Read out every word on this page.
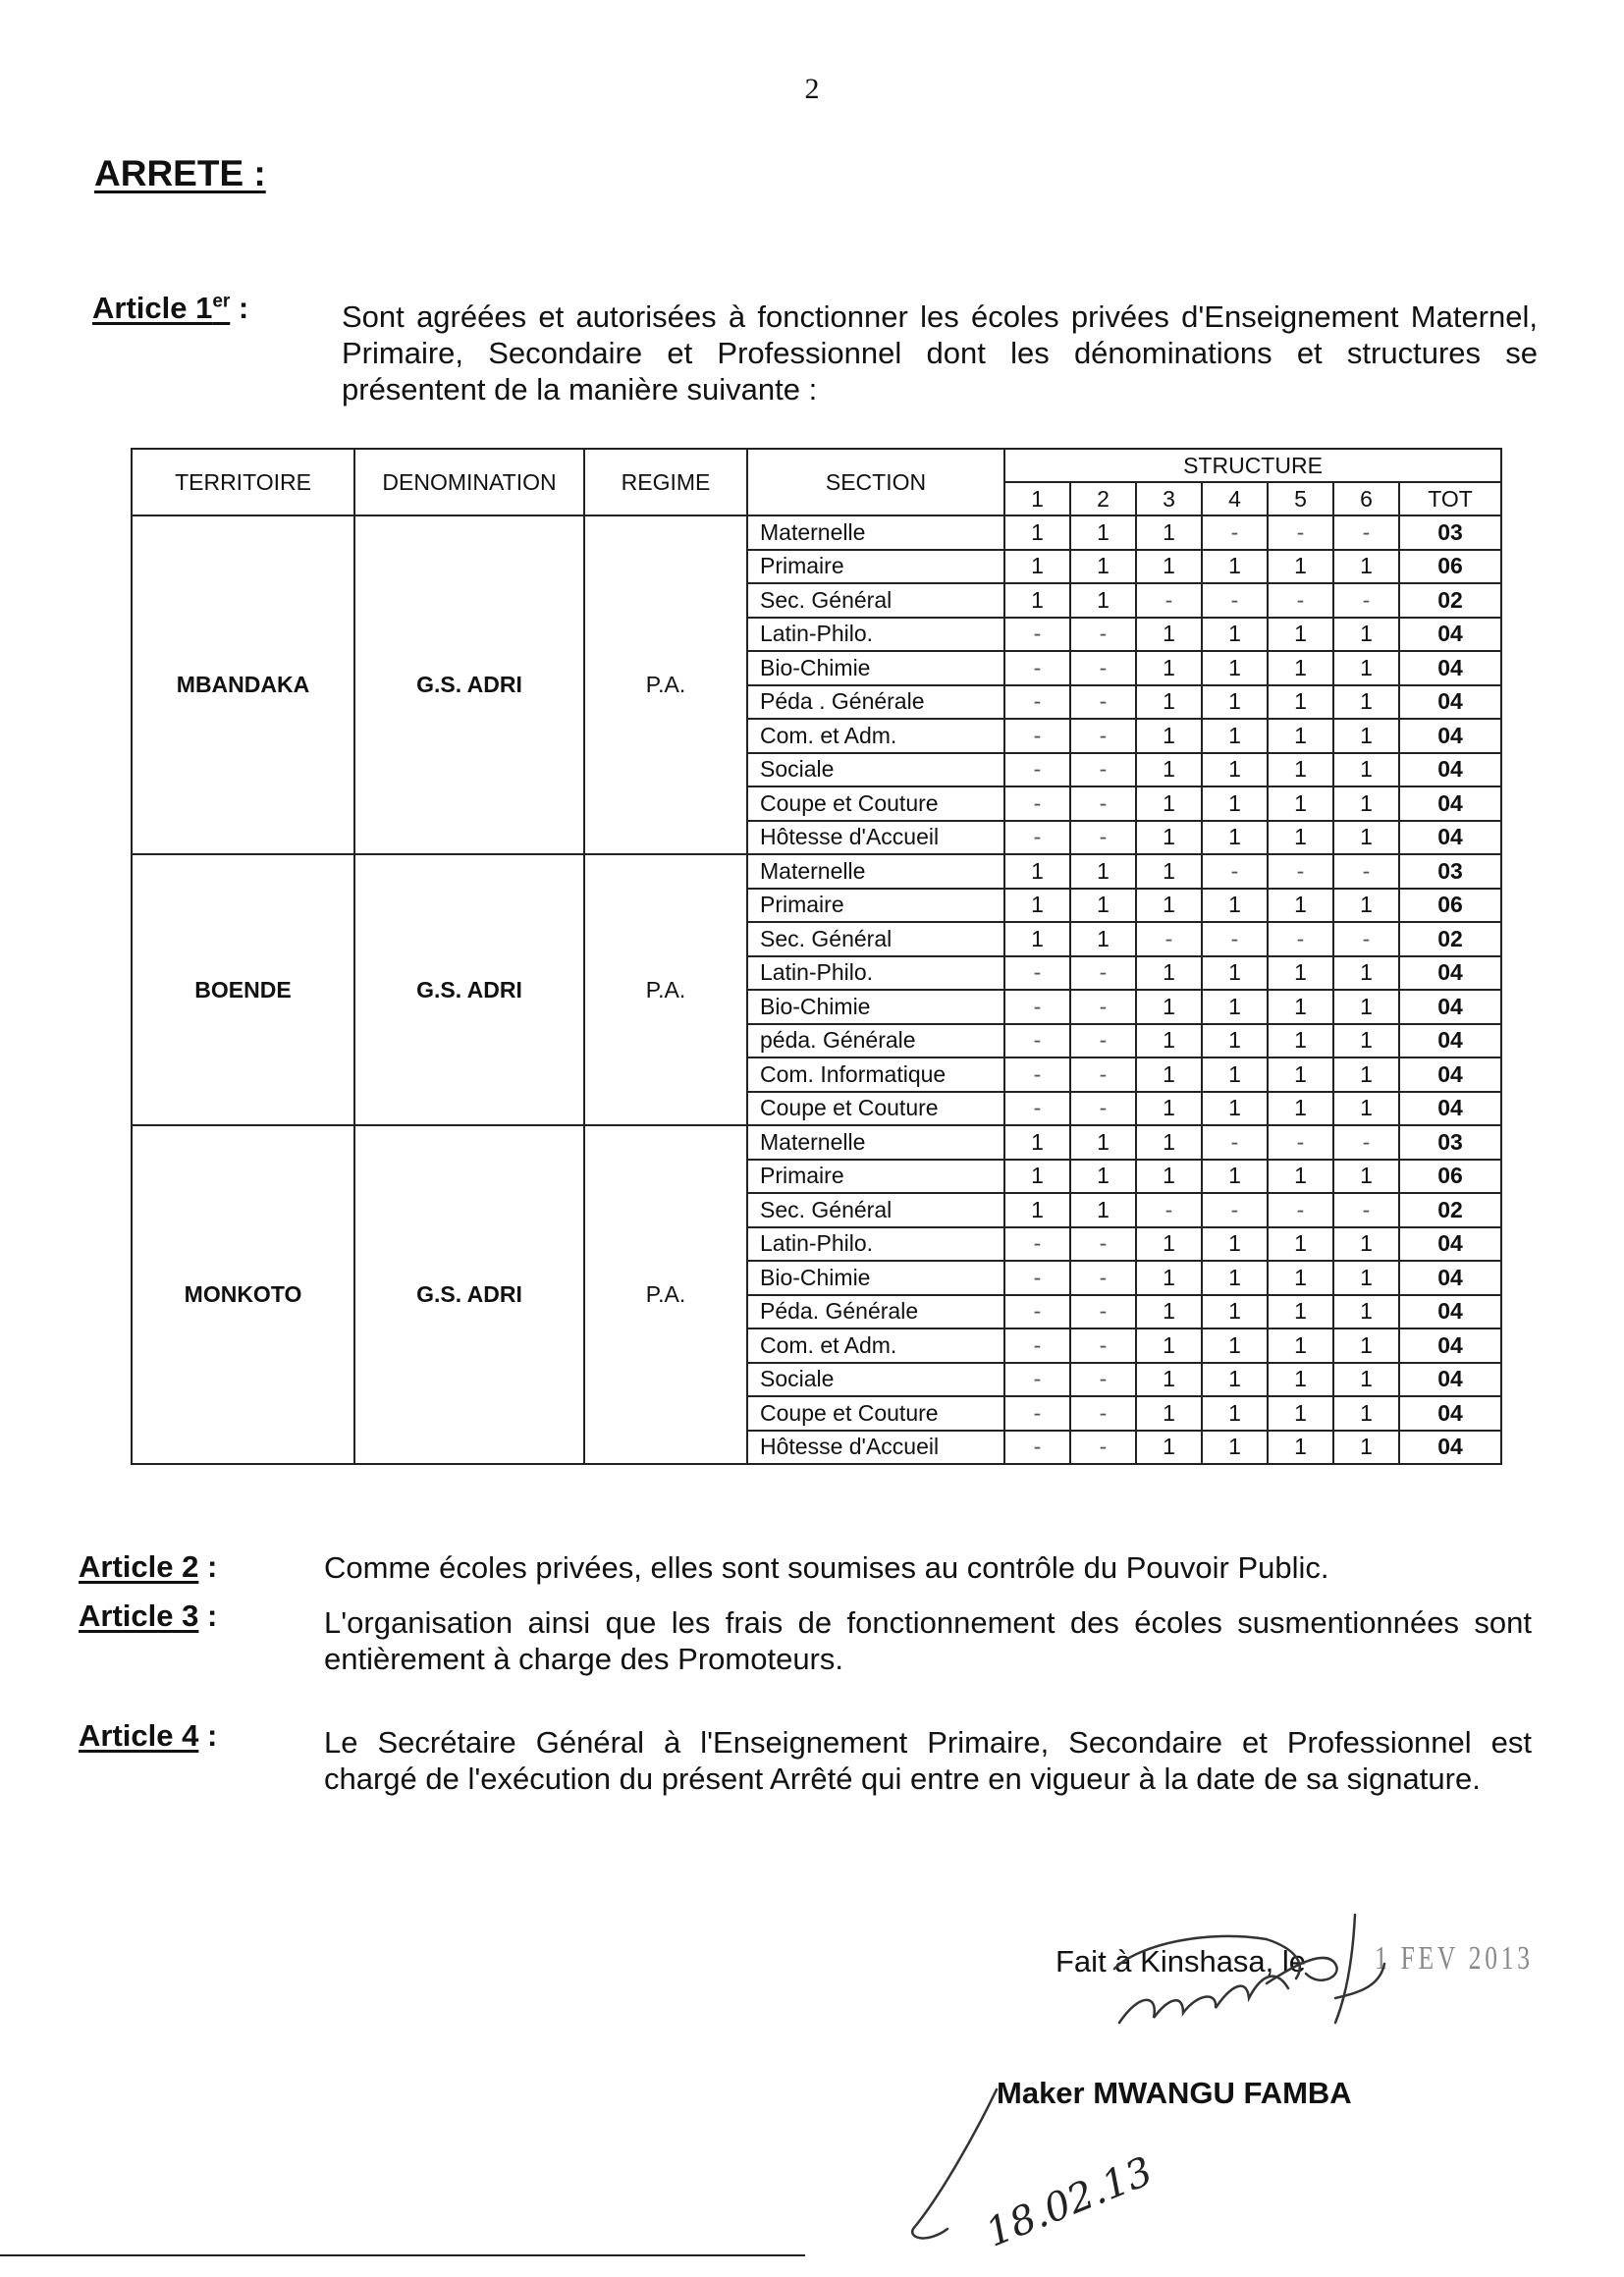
2
ARRETE :
Article 1er :	Sont agréées et autorisées à fonctionner les écoles privées d'Enseignement Maternel, Primaire, Secondaire et Professionnel dont les dénominations et structures se présentent de la manière suivante :
TERRITOIRE	DENOMINATION	REGIME	SECTION	STRUCTURE						
				1	2	3	4	5	6	TOT
MBANDAKA	G.S. ADRI	P.A.	Maternelle	1	1	1	-	-	-	03
			Primaire	1	1	1	1	1	1	06
			Sec. Général	1	1	-	-	-	-	02
			Latin-Philo.	-	-	1	1	1	1	04
			Bio-Chimie	-	-	1	1	1	1	04
			Péda . Générale	-	-	1	1	1	1	04
			Com. et Adm.	-	-	1	1	1	1	04
			Sociale	-	-	1	1	1	1	04
			Coupe et Couture	-	-	1	1	1	1	04
			Hôtesse d'Accueil	-	-	1	1	1	1	04
BOENDE	G.S. ADRI	P.A.	Maternelle	1	1	1	-	-	-	03
			Primaire	1	1	1	1	1	1	06
			Sec. Général	1	1	-	-	-	-	02
			Latin-Philo.	-	-	1	1	1	1	04
			Bio-Chimie	-	-	1	1	1	1	04
			péda. Générale	-	-	1	1	1	1	04
			Com. Informatique	-	-	1	1	1	1	04
			Coupe et Couture	-	-	1	1	1	1	04
MONKOTO	G.S. ADRI	P.A.	Maternelle	1	1	1	-	-	-	03
			Primaire	1	1	1	1	1	1	06
			Sec. Général	1	1	-	-	-	-	02
			Latin-Philo.	-	-	1	1	1	1	04
			Bio-Chimie	-	-	1	1	1	1	04
			Péda. Générale	-	-	1	1	1	1	04
			Com. et Adm.	-	-	1	1	1	1	04
			Sociale	-	-	1	1	1	1	04
			Coupe et Couture	-	-	1	1	1	1	04
			Hôtesse d'Accueil	-	-	1	1	1	1	04
Article 2 :	Comme écoles privées, elles sont soumises au contrôle du Pouvoir Public.
Article 3 :	L'organisation ainsi que les frais de fonctionnement des écoles susmentionnées sont entièrement à charge des Promoteurs.
Article 4 :	Le Secrétaire Général à l'Enseignement Primaire, Secondaire et Professionnel est chargé de l'exécution du présent Arrêté qui entre en vigueur à la date de sa signature.
Fait à Kinshasa, le 1 FEV 2013
Maker MWANGU FAMBA
18.02.13
